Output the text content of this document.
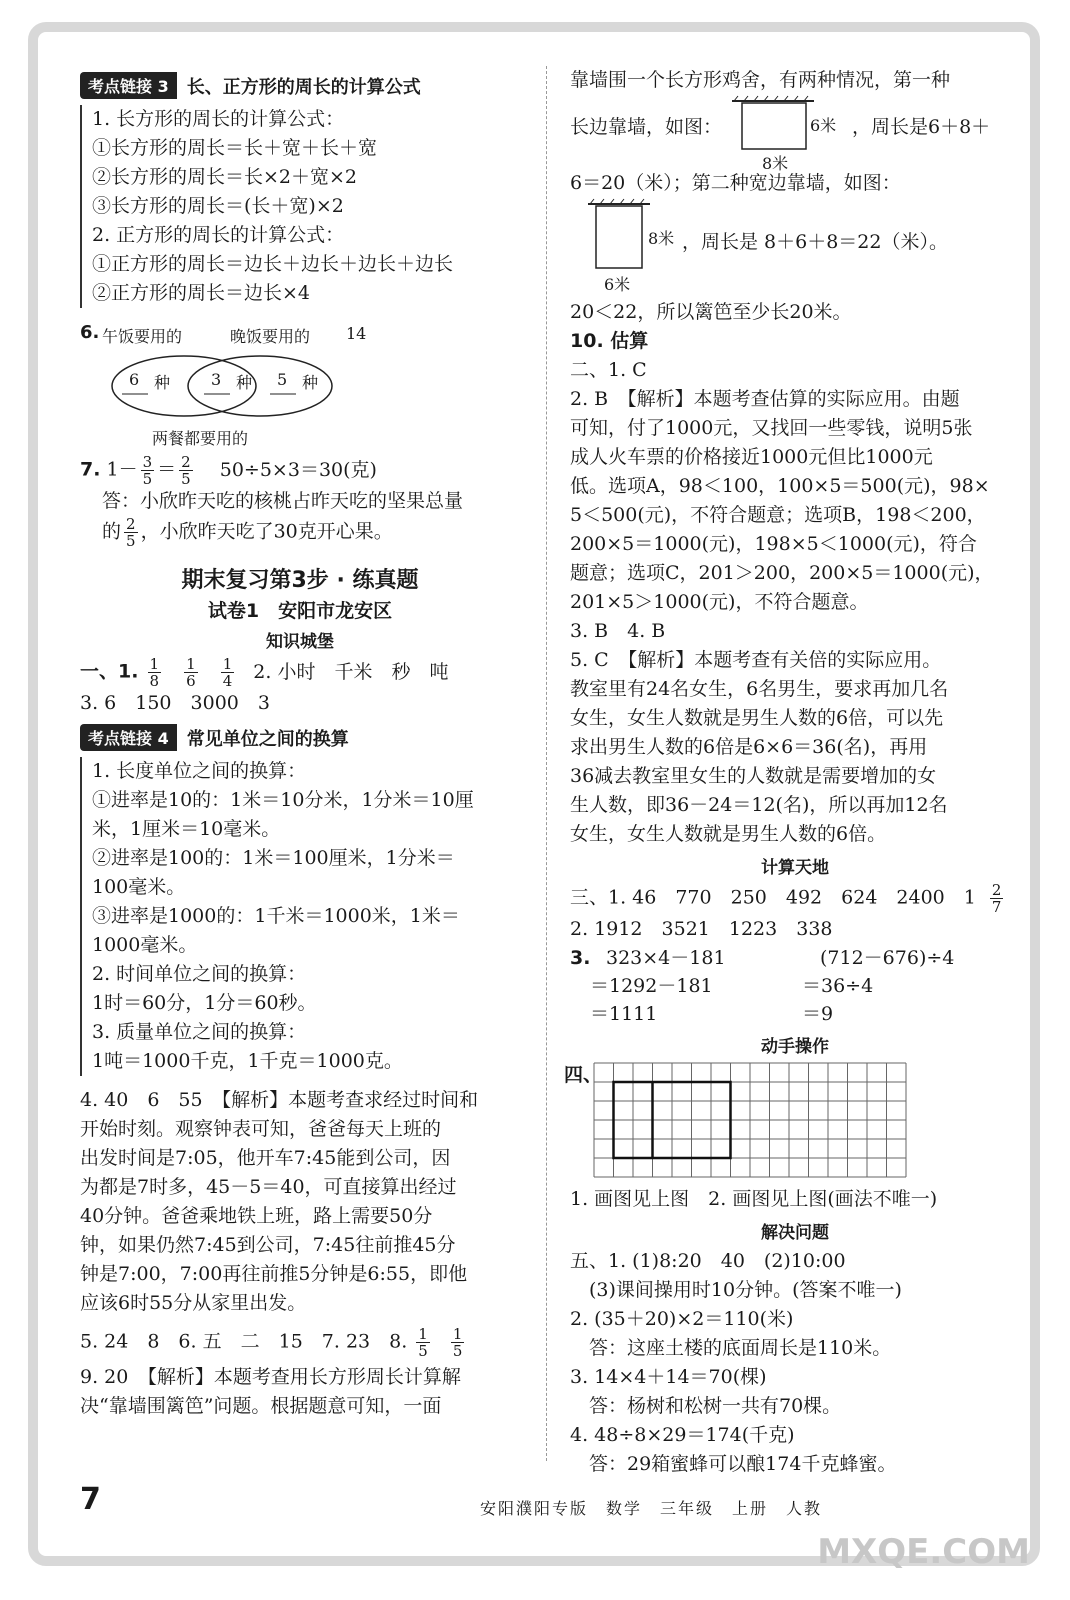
考点链接 3	长、正方形的周长的计算公式

1. 长方形的周长的计算公式：

①长方形的周长＝长＋宽＋长＋宽

②长方形的周长＝长×2＋宽×2

③长方形的周长＝(长＋宽)×2

2. 正方形的周长的计算公式：

①正方形的周长＝边长＋边长＋边长＋边长

②正方形的周长＝边长×4

6. 午饭要用的	晚饭要用的 14
6 种	3 种 5 种
两餐都要用的

7. $1- \frac{3}{5} = \frac{2}{5} 50\div 5\times 3=30$(克)

答：小欣昨天吃的核桃占昨天吃的坚果总量

的 $\frac{2}{5}$ ，小欣昨天吃了30克开心果。

期末复习第3步 · 练真题
试卷1　安阳市龙安区
知识城堡

一、1. $\frac{1}{8}$
$\frac{1}{6}$
$\frac{1}{4} 2$. 小时　千米　秒　吨

3. 6　150　3000　3

考点链接 4	常见单位之间的换算

1. 长度单位之间的换算：

①进率是10的：1米＝10分米，1分米＝10厘

米，1厘米＝10毫米。

②进率是100的：1米＝100厘米，1分米＝

100毫米。

③进率是1000的：1千米＝1000米，1米＝

1000毫米。

2. 时间单位之间的换算：

1时＝60分，1分＝60秒。

3. 质量单位之间的换算：

1吨＝1000千克，1千克＝1000克。

4. 40　6　55　【解析】本题考查求经过时间和

开始时刻。观察钟表可知，爸爸每天上班的

出发时间是7:05，他开车7:45能到公司，因

为都是7时多，45－5＝40，可直接算出经过

40分钟。爸爸乘地铁上班，路上需要50分

钟，如果仍然7:45到公司，7:45往前推45分

钟是7:00，7:00再往前推5分钟是6:55，即他

应该6时55分从家里出发。

5. 24　8　6. 五　二　15　7. 23　8. $\frac{1}{5}$
$\frac{1}{5}$

9. 20　【解析】本题考查用长方形周长计算解

决“靠墙围篱笆”问题。根据题意可知，一面

靠墙围一个长方形鸡舍，有两种情况，第一种

长边靠墙，如图：	6米
8米
，周长是6＋8＋

6＝20（米）；第二种宽边靠墙，如图：

8米
6米
，周长是 8＋6＋8＝22（米）。

20＜22，所以篱笆至少长20米。

10. 估算

二、1. C

2. B　【解析】本题考查估算的实际应用。由题

可知，付了1000元，又找回一些零钱，说明5张

成人火车票的价格接近1000元但比1000元

低。选项A，98＜100，100×5＝500(元)，98×

5＜500(元)，不符合题意；选项B，198＜200，

200×5＝1000(元)，198×5＜1000(元)，符合

题意；选项C，201＞200，200×5＝1000(元)，

201×5＞1000(元)，不符合题意。

3. B　4. B

5. C　【解析】本题考查有关倍的实际应用。

教室里有24名女生，6名男生，要求再加几名

女生，女生人数就是男生人数的6倍，可以先

求出男生人数的6倍是6×6＝36(名)，再用

36减去教室里女生的人数就是需要增加的女

生人数，即36－24＝12(名)，所以再加12名

女生，女生人数就是男生人数的6倍。

计算天地

三、1. 46　770　250　492　624　2400　$1 \frac{2}{7}$

2. 1912　3521　1223　338

3. 323×4－181
＝1292－181
＝1111
(712－676)÷4
＝36÷4
＝9
动手操作
四、

1. 画图见上图　2. 画图见上图(画法不唯一)

解决问题

五、1. (1)8:20　40　(2)10:00

　(3)课间操用时10分钟。(答案不唯一)

2. (35＋20)×2＝110(米)

　答：这座土楼的底面周长是110米。

3. 14×4＋14＝70(棵)

　答：杨树和松树一共有70棵。

4. 48÷8×29＝174(千克)

　答：29箱蜜蜂可以酿174千克蜂蜜。

7	安阳濮阳专版　数学　三年级　上册　人教
MXQE.COM
